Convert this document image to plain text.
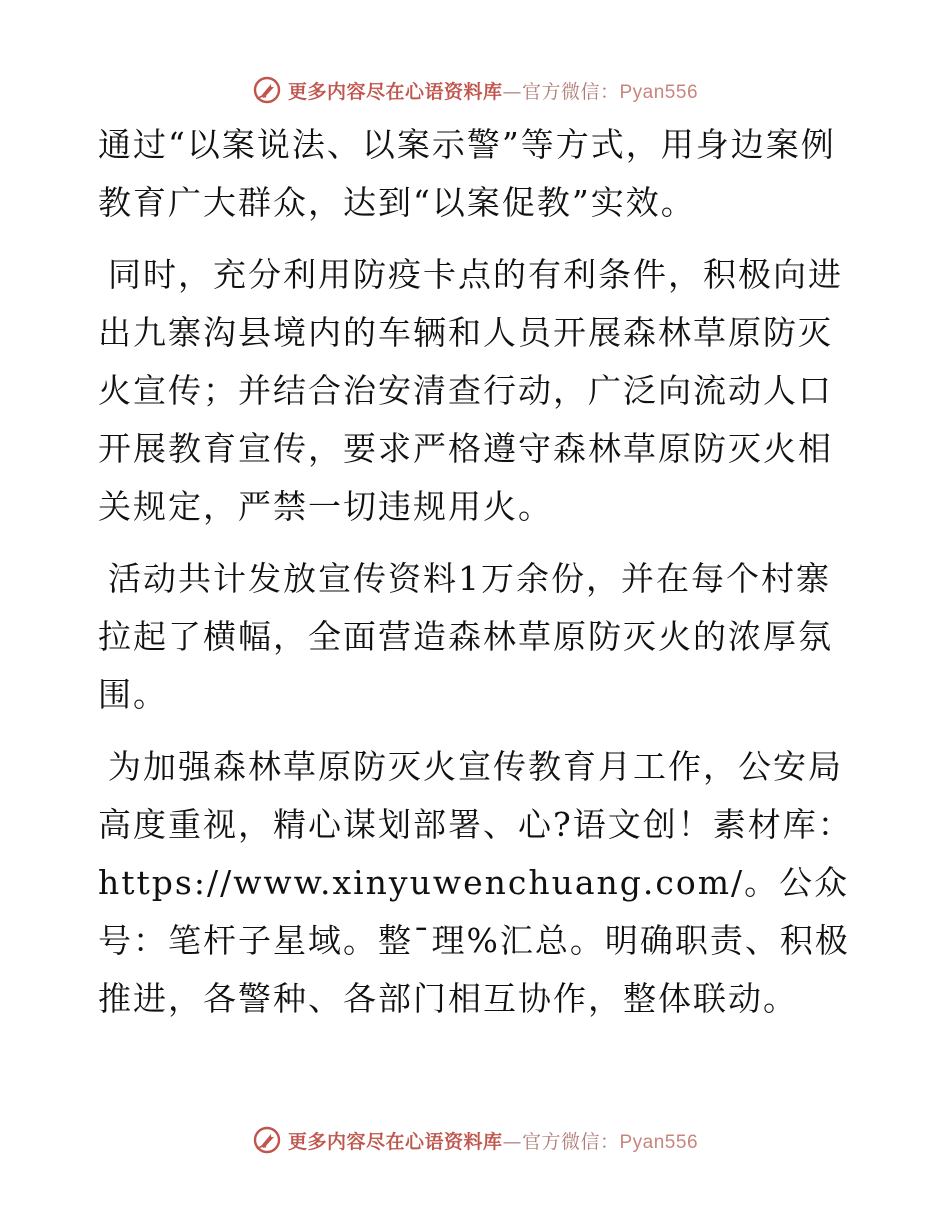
更多内容尽在心语资料库—官方微信：Pyan556

通过“以案说法、以案示警”等方式，用身边案例教育广大群众，达到“以案促教”实效。

同时，充分利用防疫卡点的有利条件，积极向进出九寨沟县境内的车辆和人员开展森林草原防灭火宣传；并结合治安清查行动，广泛向流动人口开展教育宣传，要求严格遵守森林草原防灭火相关规定，严禁一切违规用火。

活动共计发放宣传资料1万余份，并在每个村寨拉起了横幅，全面营造森林草原防灭火的浓厚氛围。

为加强森林草原防灭火宣传教育月工作，公安局高度重视，精心谋划部署、心?语文创！素材库：https://www.xinyuwenchuang.com/。公众号：笔杆子星域。整¯理%汇总。明确职责、积极推进，各警种、各部门相互协作，整体联动。

更多内容尽在心语资料库—官方微信：Pyan556
